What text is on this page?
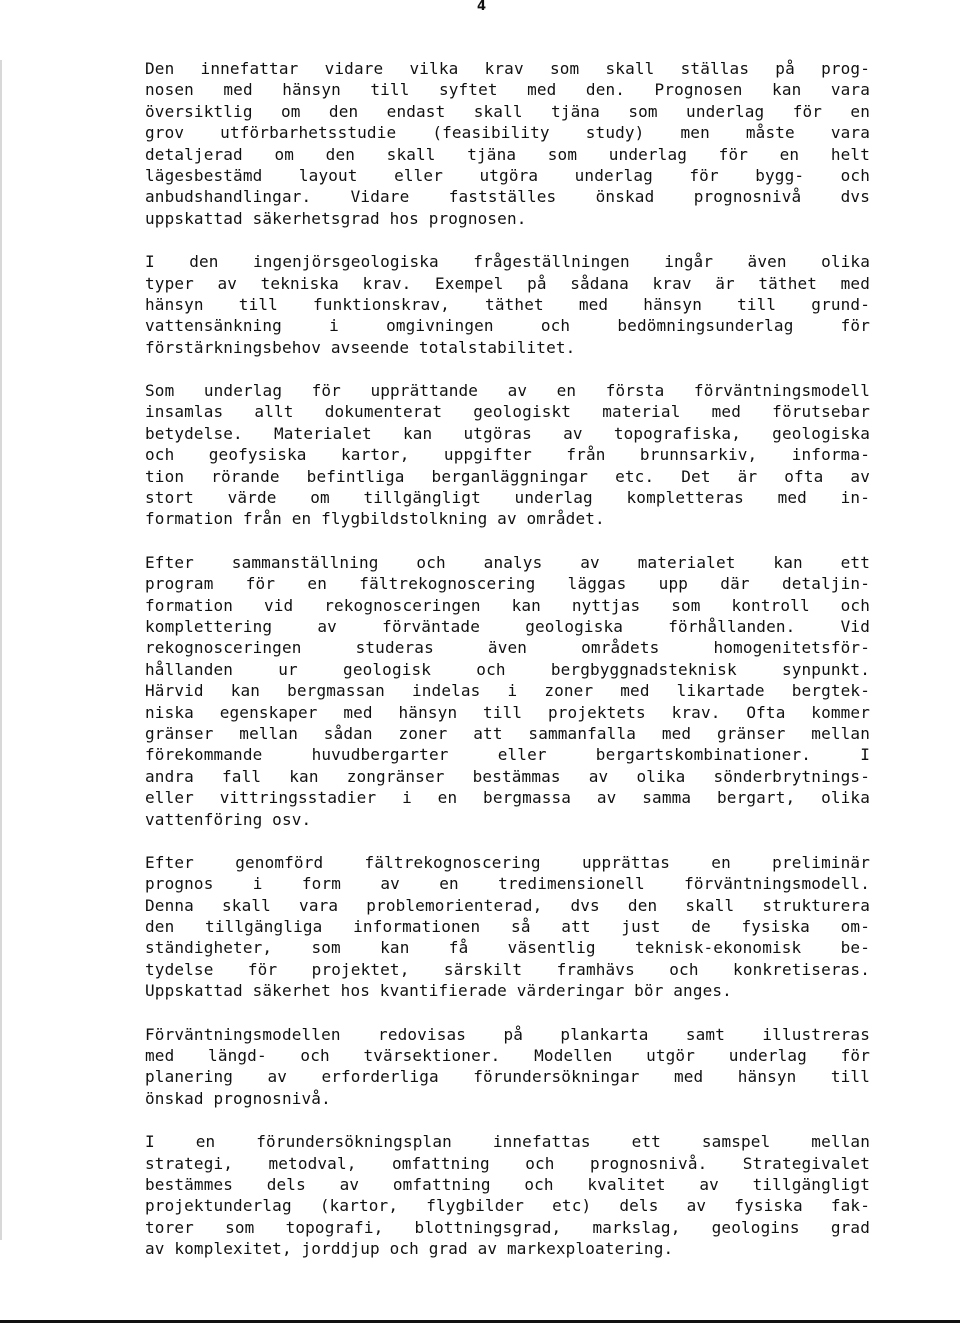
4
Den innefattar vidare vilka krav som skall ställas på prog-
nosen med hänsyn till syftet med den. Prognosen kan vara
översiktlig om den endast skall tjäna som underlag för en
grov utförbarhetsstudie (feasibility study) men måste vara
detaljerad om den skall tjäna som underlag för en helt
lägesbestämd layout eller utgöra underlag för bygg- och
anbudshandlingar. Vidare fastställes önskad prognosnivå dvs
uppskattad säkerhetsgrad hos prognosen.
I den ingenjörsgeologiska frågeställningen ingår även olika
typer av tekniska krav. Exempel på sådana krav är täthet med
hänsyn till funktionskrav, täthet med hänsyn till grund-
vattensänkning i omgivningen och bedömningsunderlag för
förstärkningsbehov avseende totalstabilitet.
Som underlag för upprättande av en första förväntningsmodell
insamlas allt dokumenterat geologiskt material med förutsebar
betydelse. Materialet kan utgöras av topografiska, geologiska
och geofysiska kartor, uppgifter från brunnsarkiv, informa-
tion rörande befintliga berganläggningar etc. Det är ofta av
stort värde om tillgängligt underlag kompletteras med in-
formation från en flygbildstolkning av området.
Efter sammanställning och analys av materialet kan ett
program för en fältrekognoscering läggas upp där detaljin-
formation vid rekognosceringen kan nyttjas som kontroll och
komplettering av förväntade geologiska förhållanden. Vid
rekognosceringen studeras även områdets homogenitetsför-
hållanden ur geologisk och bergbyggnadsteknisk synpunkt.
Härvid kan bergmassan indelas i zoner med likartade bergtek-
niska egenskaper med hänsyn till projektets krav. Ofta kommer
gränser mellan sådan zoner att sammanfalla med gränser mellan
förekommande huvudbergarter eller bergartskombinationer. I
andra fall kan zongränser bestämmas av olika sönderbrytnings-
eller vittringsstadier i en bergmassa av samma bergart, olika
vattenföring osv.
Efter genomförd fältrekognoscering upprättas en preliminär
prognos i form av en tredimensionell förväntningsmodell.
Denna skall vara problemorienterad, dvs den skall strukturera
den tillgängliga informationen så att just de fysiska om-
ständigheter, som kan få väsentlig teknisk-ekonomisk be-
tydelse för projektet, särskilt framhävs och konkretiseras.
Uppskattad säkerhet hos kvantifierade värderingar bör anges.
Förväntningsmodellen redovisas på plankarta samt illustreras
med längd- och tvärsektioner. Modellen utgör underlag för
planering av erforderliga förundersökningar med hänsyn till
önskad prognosnivå.
I en förundersökningsplan innefattas ett samspel mellan
strategi, metodval, omfattning och prognosnivå. Strategivalet
bestämmes dels av omfattning och kvalitet av tillgängligt
projektunderlag (kartor, flygbilder etc) dels av fysiska fak-
torer som topografi, blottningsgrad, markslag, geologins grad
av komplexitet, jorddjup och grad av markexploatering.
